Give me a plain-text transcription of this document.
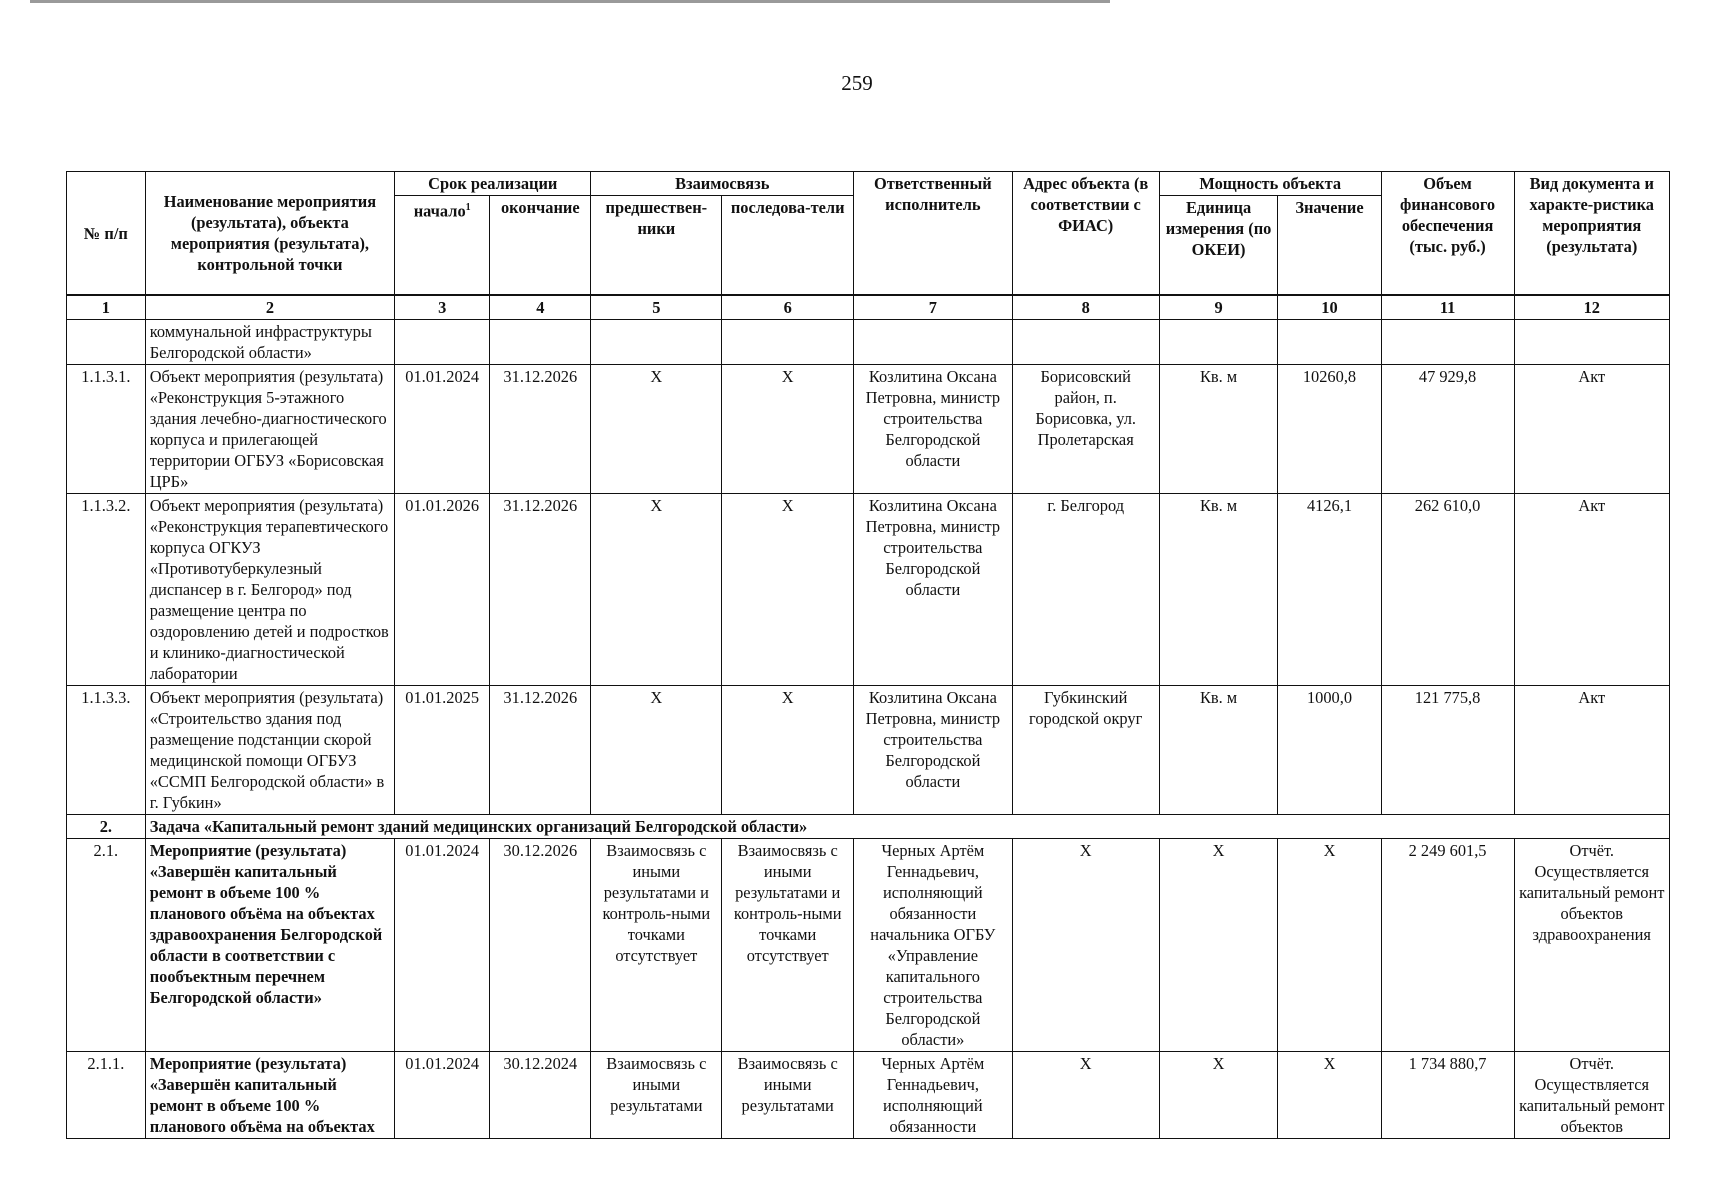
259
№ п/п	Наименование мероприятия (результата), объекта мероприятия (результата), контрольной точки	Срок реализации		Взаимосвязь		Ответственный исполнитель	Адрес объекта (в соответствии с ФИАС)	Мощность объекта		Объем финансового обеспечения (тыс. руб.)	Вид документа и характе-ристика мероприятия (результата)
		начало$^1$	окончание	предшествен-ники	последова-тели			Единица измерения (по ОКЕИ)	Значение		
1	2	3	4	5	6	7	8	9	10	11	12
	коммунальной инфраструктуры Белгородской области»										
1.1.3.1.	Объект мероприятия (результата) «Реконструкция 5-этажного здания лечебно-диагностического корпуса и прилегающей территории ОГБУЗ «Борисовская ЦРБ»	01.01.2024	31.12.2026	Х	Х	Козлитина Оксана Петровна, министр строительства Белгородской области	Борисовский район, п. Борисовка, ул. Пролетарская	Кв. м	10260,8	47 929,8	Акт
1.1.3.2.	Объект мероприятия (результата) «Реконструкция терапевтического корпуса ОГКУЗ «Противотуберкулезный диспансер в г. Белгород» под размещение центра по оздоровлению детей и подростков и клинико-диагностической лаборатории	01.01.2026	31.12.2026	Х	Х	Козлитина Оксана Петровна, министр строительства Белгородской области	г. Белгород	Кв. м	4126,1	262 610,0	Акт
1.1.3.3.	Объект мероприятия (результата) «Строительство здания под размещение подстанции скорой медицинской помощи ОГБУЗ «ССМП Белгородской области» в г. Губкин»	01.01.2025	31.12.2026	Х	Х	Козлитина Оксана Петровна, министр строительства Белгородской области	Губкинский городской округ	Кв. м	1000,0	121 775,8	Акт
2.	Задача «Капитальный ремонт зданий медицинских организаций Белгородской области»										
2.1.	Мероприятие (результата) «Завершён капитальный ремонт в объеме 100 % планового объёма на объектах здравоохранения Белгородской области в соответствии с пообъектным перечнем Белгородской области»	01.01.2024	30.12.2026	Взаимосвязь с иными результатами и контроль-ными точками отсутствует	Взаимосвязь с иными результатами и контроль-ными точками отсутствует	Черных Артём Геннадьевич, исполняющий обязанности начальника ОГБУ «Управление капитального строительства Белгородской области»	Х	Х	Х	2 249 601,5	Отчёт. Осуществляется капитальный ремонт объектов здравоохранения
2.1.1.	Мероприятие (результата) «Завершён капитальный ремонт в объеме 100 % планового объёма на объектах	01.01.2024	30.12.2024	Взаимосвязь с иными результатами	Взаимосвязь с иными результатами	Черных Артём Геннадьевич, исполняющий обязанности	Х	Х	Х	1 734 880,7	Отчёт. Осуществляется капитальный ремонт объектов
